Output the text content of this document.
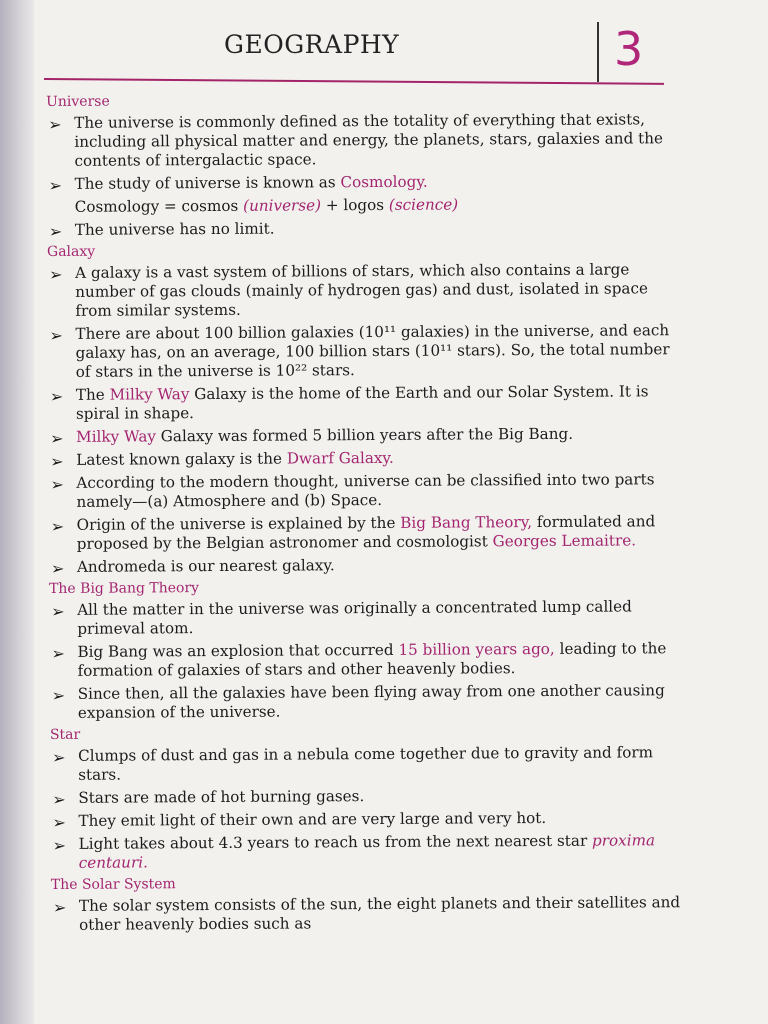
GEOGRAPHY	3
Universe
➢ The universe is commonly defined as the totality of everything that exists, including all physical matter and energy, the planets, stars, galaxies and the contents of intergalactic space.
➢ The study of universe is known as Cosmology.
Cosmology = cosmos (universe) + logos (science)
➢ The universe has no limit.
Galaxy
➢ A galaxy is a vast system of billions of stars, which also contains a large number of gas clouds (mainly of hydrogen gas) and dust, isolated in space from similar systems.
➢ There are about 100 billion galaxies (10¹¹ galaxies) in the universe, and each galaxy has, on an average, 100 billion stars (10¹¹ stars). So, the total number of stars in the universe is 10²² stars.
➢ The Milky Way Galaxy is the home of the Earth and our Solar System. It is spiral in shape.
➢ Milky Way Galaxy was formed 5 billion years after the Big Bang.
➢ Latest known galaxy is the Dwarf Galaxy.
➢ According to the modern thought, universe can be classified into two parts namely—(a) Atmosphere and (b) Space.
➢ Origin of the universe is explained by the Big Bang Theory, formulated and proposed by the Belgian astronomer and cosmologist Georges Lemaitre.
➢ Andromeda is our nearest galaxy.
The Big Bang Theory
➢ All the matter in the universe was originally a concentrated lump called primeval atom.
➢ Big Bang was an explosion that occurred 15 billion years ago, leading to the formation of galaxies of stars and other heavenly bodies.
➢ Since then, all the galaxies have been flying away from one another causing expansion of the universe.
Star
➢ Clumps of dust and gas in a nebula come together due to gravity and form stars.
➢ Stars are made of hot burning gases.
➢ They emit light of their own and are very large and very hot.
➢ Light takes about 4.3 years to reach us from the next nearest star proxima centauri.
The Solar System
➢ The solar system consists of the sun, the eight planets and their satellites and other heavenly bodies such as
